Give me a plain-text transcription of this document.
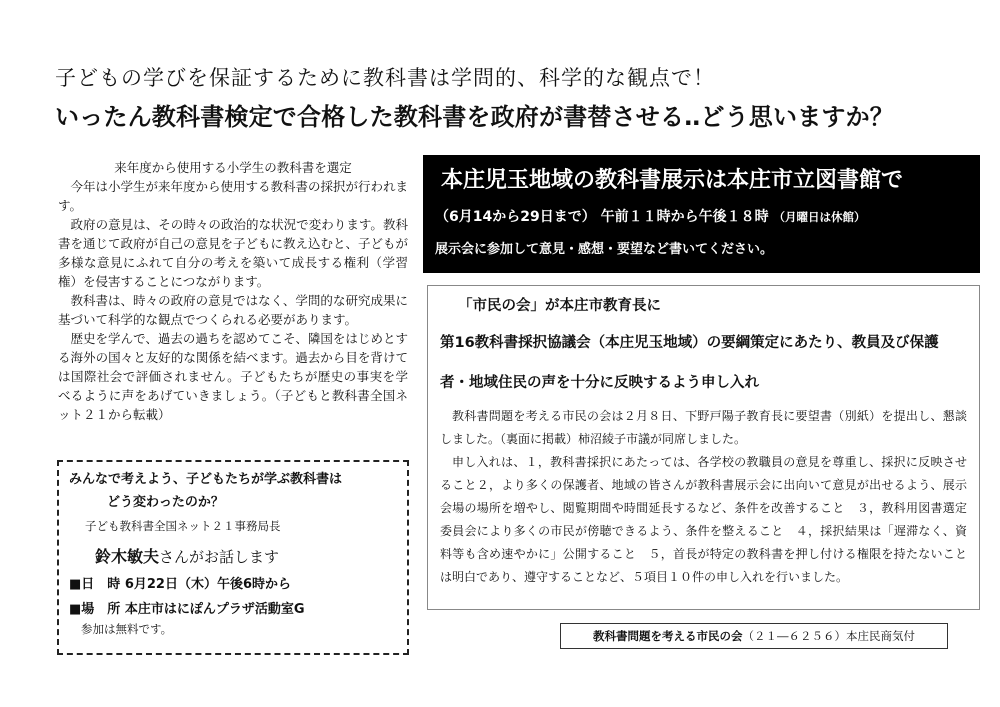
子どもの学びを保証するために教科書は学問的、科学的な観点で！
いったん教科書検定で合格した教科書を政府が書替させる‥どう思いますか？

来年度から使用する小学生の教科書を選定

今年は小学生が来年度から使用する教科書の採択が行われます。

政府の意見は、その時々の政治的な状況で変わります。教科書を通じて政府が自己の意見を子どもに教え込むと、子どもが多様な意見にふれて自分の考えを築いて成長する権利（学習権）を侵害することにつながります。

教科書は、時々の政府の意見ではなく、学問的な研究成果に基づいて科学的な観点でつくられる必要があります。

歴史を学んで、過去の過ちを認めてこそ、隣国をはじめとする海外の国々と友好的な関係を結べます。過去から目を背けては国際社会で評価されません。子どもたちが歴史の事実を学べるように声をあげていきましょう。（子どもと教科書全国ネット２１から転載）

本庄児玉地域の教科書展示は本庄市立図書館で
（6月14から29日まで） 午前１１時から午後１８時 （月曜日は休館）
展示会に参加して意見・感想・要望など書いてください。
「市民の会」が本庄市教育長に
第16教科書採択協議会（本庄児玉地域）の要綱策定にあたり、教員及び保護者・地域住民の声を十分に反映するよう申し入れ

教科書問題を考える市民の会は２月８日、下野戸陽子教育長に要望書（別紙）を提出し、懇談しました。（裏面に掲載）柿沼綾子市議が同席しました。

申し入れは、１，教科書採択にあたっては、各学校の教職員の意見を尊重し、採択に反映させること２，より多くの保護者、地域の皆さんが教科書展示会に出向いて意見が出せるよう、展示会場の場所を増やし、閲覧期間や時間延長するなど、条件を改善すること　３，教科用図書選定委員会により多くの市民が傍聴できるよう、条件を整えること　４，採択結果は「遅滞なく、資料等も含め速やかに」公開すること　５，首長が特定の教科書を押し付ける権限を持たないことは明白であり、遵守することなど、５項目１０件の申し入れを行いました。

教科書問題を考える市民の会（２１―６２５６）本庄民商気付
みんなで考えよう、子どもたちが学ぶ教科書は
どう変わったのか？
子ども教科書全国ネット２１事務局長
鈴木敏夫さんがお話します
■日　時 6月22日（木）午後6時から
■場　所 本庄市はにぽんプラザ活動室G
参加は無料です。
